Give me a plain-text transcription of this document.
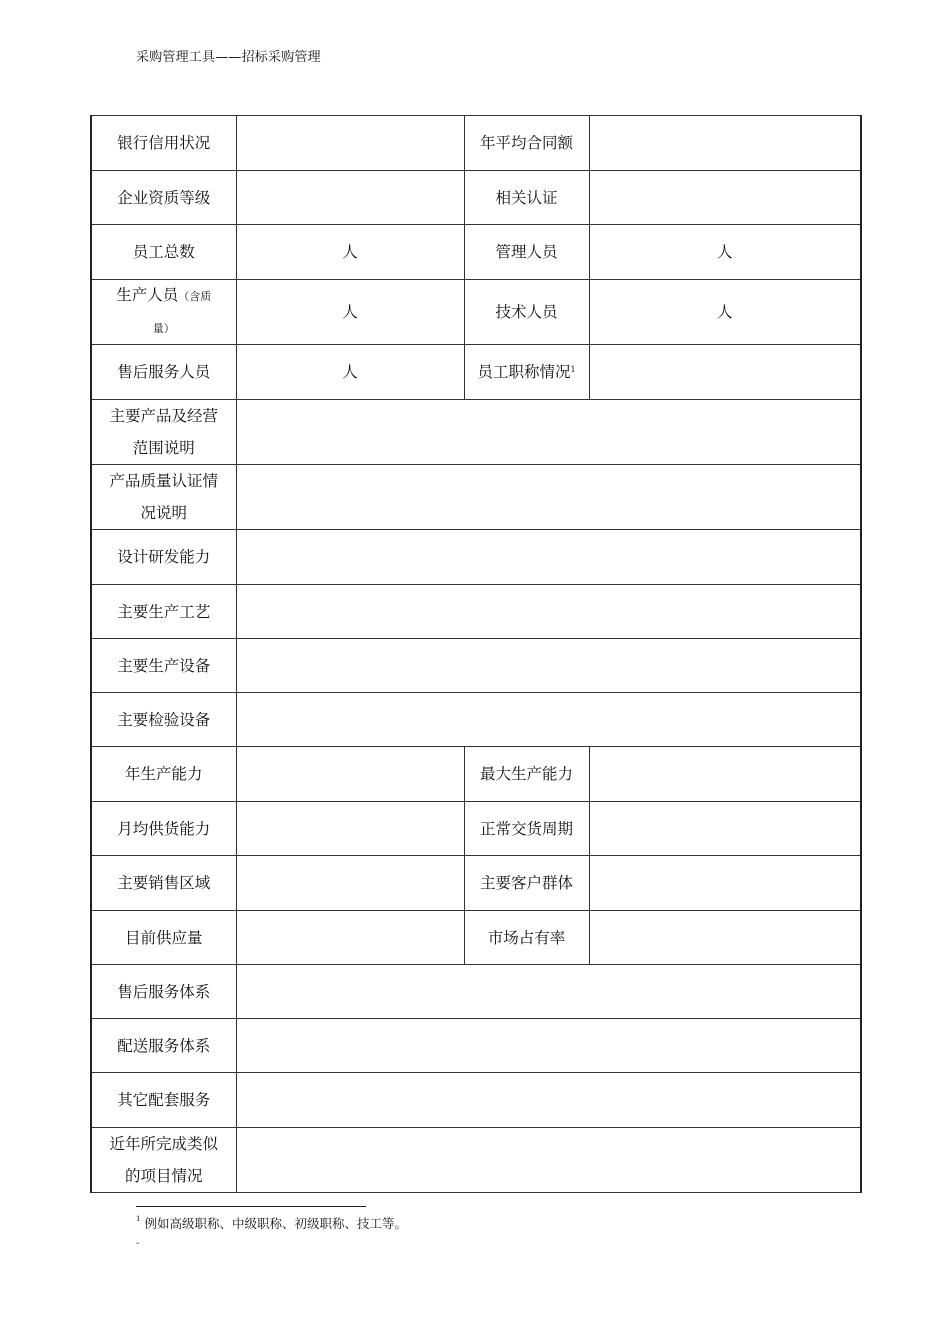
采购管理工具——招标采购管理
银行信用状况		年平均合同额	
企业资质等级		相关认证	
员工总数	人	管理人员	人
生产人员（含质
量）	人	技术人员	人
售后服务人员	人	员工职称情况$^1$	
主要产品及经营
范围说明			
产品质量认证情
况说明			
设计研发能力			
主要生产工艺			
主要生产设备			
主要检验设备			
年生产能力		最大生产能力	
月均供货能力		正常交货周期	
主要销售区域		主要客户群体	
目前供应量		市场占有率	
售后服务体系			
配送服务体系			
其它配套服务			
近年所完成类似
的项目情况			
$^1$ 例如高级职称、中级职称、初级职称、技工等。
-
